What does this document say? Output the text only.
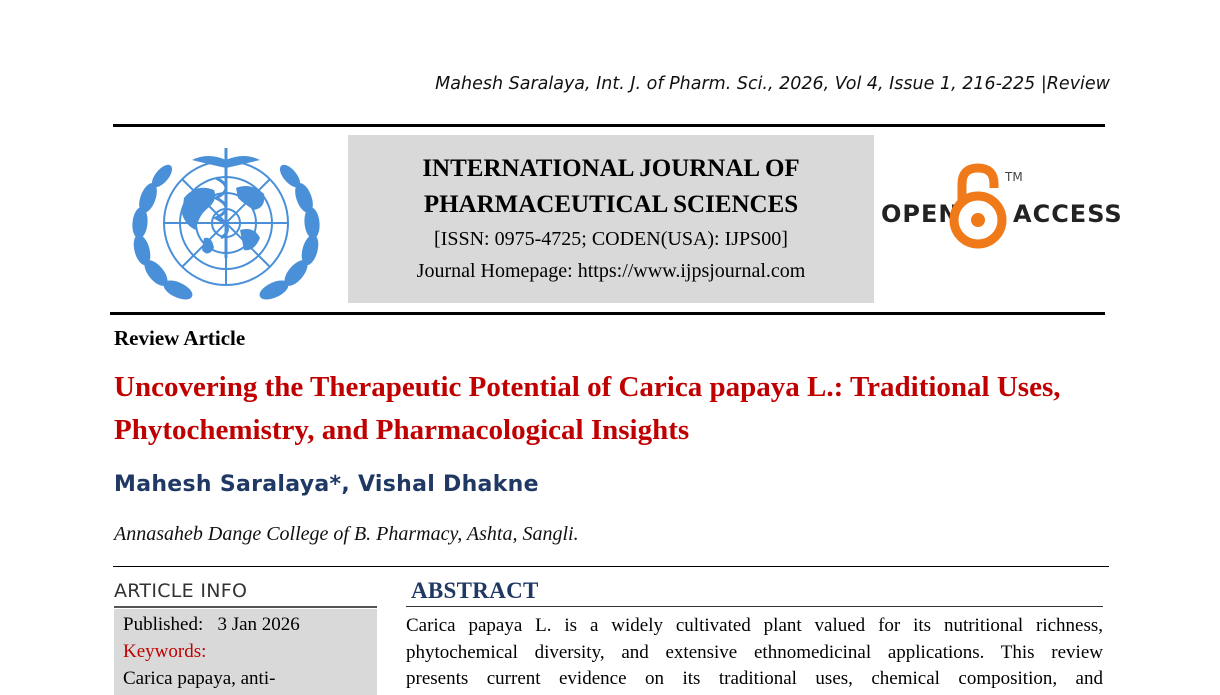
Mahesh Saralaya, Int. J. of Pharm. Sci., 2026, Vol 4, Issue 1, 216-225 |Review
INTERNATIONAL JOURNAL OF
PHARMACEUTICAL SCIENCES
[ISSN: 0975-4725; CODEN(USA): IJPS00]
Journal Homepage: https://www.ijpsjournal.com
OPEN
TM
ACCESS
Review Article
Uncovering the Therapeutic Potential of Carica papaya L.: Traditional Uses, Phytochemistry, and Pharmacological Insights
Mahesh Saralaya*, Vishal Dhakne
Annasaheb Dange College of B. Pharmacy, Ashta, Sangli.
ARTICLE INFO
Published:   3 Jan 2026
Keywords:
Carica papaya, anti-
ABSTRACT
Carica papaya L. is a widely cultivated plant valued for its nutritional richness,
phytochemical diversity, and extensive ethnomedicinal applications. This review
presents current evidence on its traditional uses, chemical composition, and
